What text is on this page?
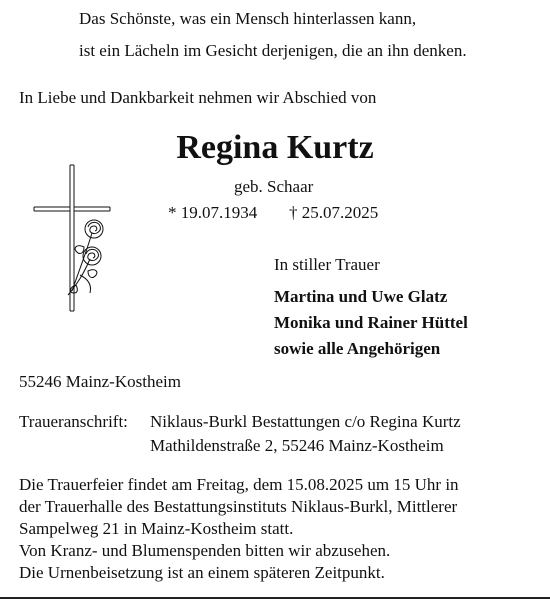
Das Schönste, was ein Mensch hinterlassen kann,
ist ein Lächeln im Gesicht derjenigen, die an ihn denken.
In Liebe und Dankbarkeit nehmen wir Abschied von
Regina Kurtz
geb. Schaar
* 19.07.1934 † 25.07.2025
In stiller Trauer
Martina und Uwe Glatz
Monika und Rainer Hüttel
sowie alle Angehörigen
55246 Mainz-Kostheim
Traueranschrift: Niklaus-Burkl Bestattungen c/o Regina Kurtz
Mathildenstraße 2, 55246 Mainz-Kostheim
Die Trauerfeier findet am Freitag, dem 15.08.2025 um 15 Uhr in
der Trauerhalle des Bestattungsinstituts Niklaus-Burkl, Mittlerer
Sampelweg 21 in Mainz-Kostheim statt.
Von Kranz- und Blumenspenden bitten wir abzusehen.
Die Urnenbeisetzung ist an einem späteren Zeitpunkt.
